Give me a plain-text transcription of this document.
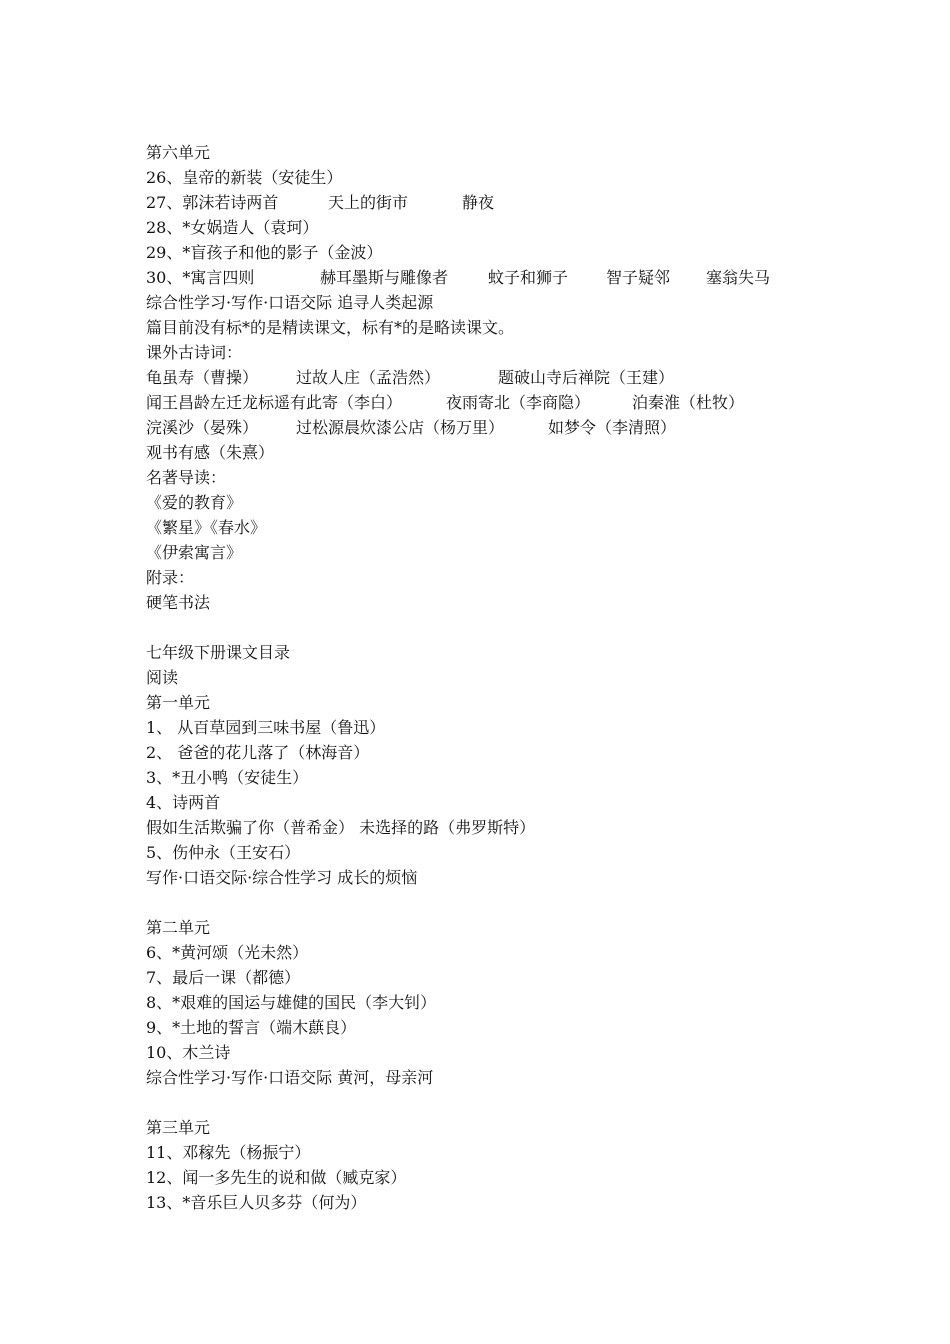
第六单元
26、皇帝的新装（安徒生）
27、郭沫若诗两首	天上的街市	静夜
28、*女娲造人（袁珂）
29、*盲孩子和他的影子（金波）
30、*寓言四则	赫耳墨斯与雕像者	蚊子和狮子	智子疑邻	塞翁失马
综合性学习·写作·口语交际 追寻人类起源
篇目前没有标*的是精读课文，标有*的是略读课文。
课外古诗词：
龟虽寿（曹操）	过故人庄（孟浩然）	题破山寺后禅院（王建）
闻王昌龄左迁龙标遥有此寄（李白）	夜雨寄北（李商隐）	泊秦淮（杜牧）
浣溪沙（晏殊）	过松源晨炊漆公店（杨万里）	如梦令（李清照）
观书有感（朱熹）
名著导读：
《爱的教育》
《繁星》《春水》
《伊索寓言》
附录：
硬笔书法
七年级下册课文目录
阅读
第一单元
1、 从百草园到三味书屋（鲁迅）
2、 爸爸的花儿落了（林海音）
3、*丑小鸭（安徒生）
4、诗两首
假如生活欺骗了你（普希金） 未选择的路（弗罗斯特）
5、伤仲永（王安石）
写作·口语交际·综合性学习 成长的烦恼
第二单元
6、*黄河颂（光未然）
7、最后一课（都德）
8、*艰难的国运与雄健的国民（李大钊）
9、*土地的誓言（端木蕻良）
10、木兰诗
综合性学习·写作·口语交际 黄河，母亲河
第三单元
11、邓稼先（杨振宁）
12、闻一多先生的说和做（臧克家）
13、*音乐巨人贝多芬（何为）
